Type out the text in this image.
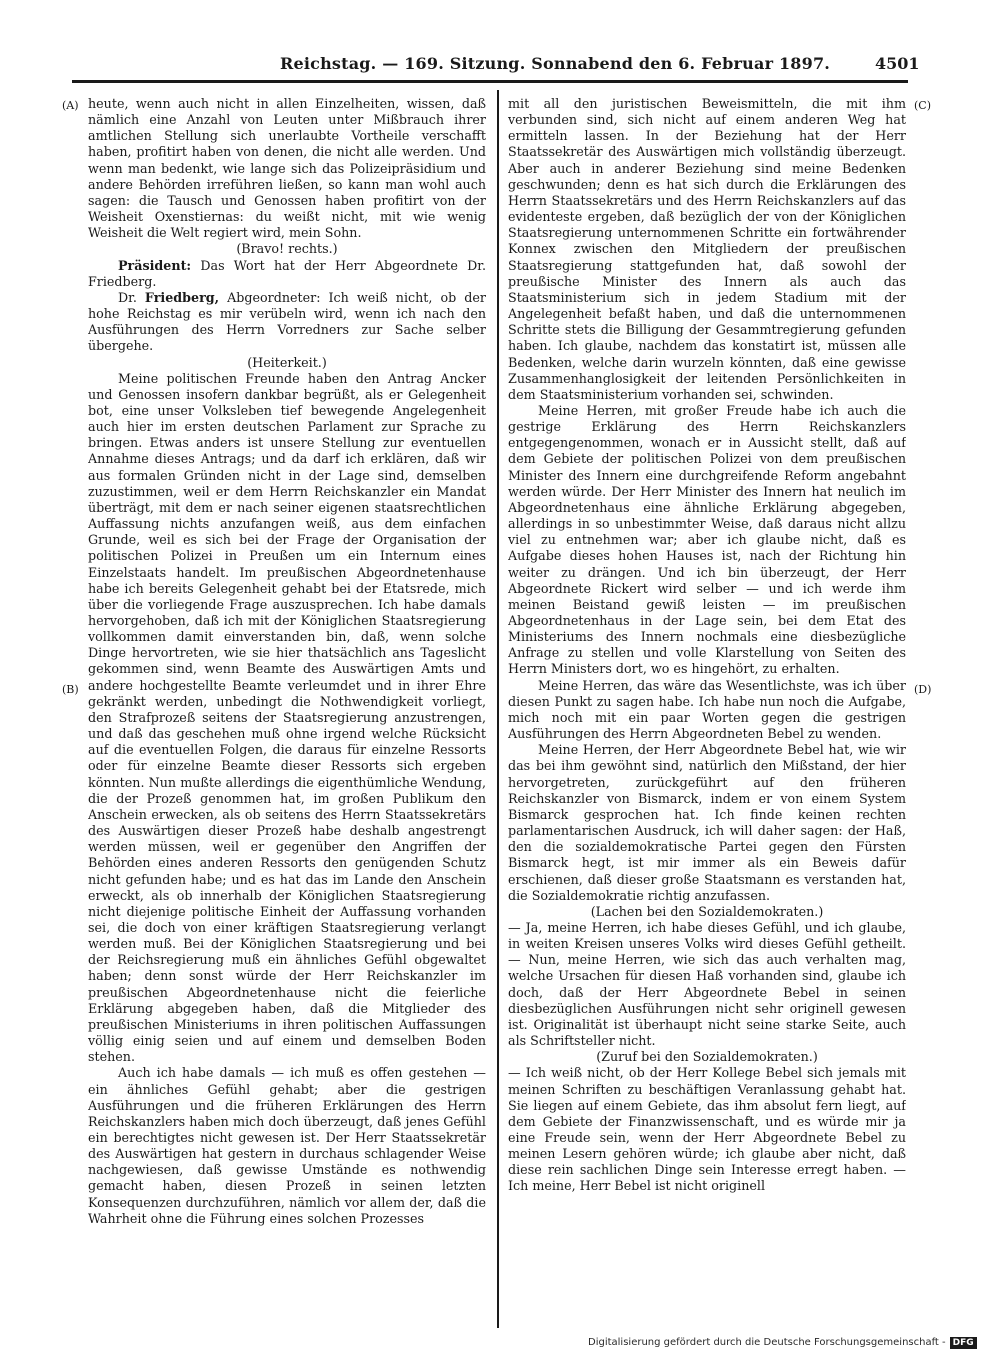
Reichstag. — 169. Sitzung. Sonnabend den 6. Februar 1897.	4501
(A)
(B)
(C)
(D)

heute, wenn auch nicht in allen Einzelheiten, wissen, daß nämlich eine Anzahl von Leuten unter Mißbrauch ihrer amtlichen Stellung sich unerlaubte Vortheile verschafft haben, profitirt haben von denen, die nicht alle werden. Und wenn man bedenkt, wie lange sich das Polizeipräsidium und andere Behörden irreführen ließen, so kann man wohl auch sagen: die Tausch und Genossen haben profitirt von der Weisheit Oxenstiernas: du weißt nicht, mit wie wenig Weisheit die Welt regiert wird, mein Sohn.

(Bravo! rechts.)

Präsident: Das Wort hat der Herr Abgeordnete Dr. Friedberg.

Dr. Friedberg, Abgeordneter: Ich weiß nicht, ob der hohe Reichstag es mir verübeln wird, wenn ich nach den Ausführungen des Herrn Vorredners zur Sache selber übergehe.

(Heiterkeit.)

Meine politischen Freunde haben den Antrag Ancker und Genossen insofern dankbar begrüßt, als er Gelegenheit bot, eine unser Volksleben tief bewegende Angelegenheit auch hier im ersten deutschen Parlament zur Sprache zu bringen. Etwas anders ist unsere Stellung zur eventuellen Annahme dieses Antrags; und da darf ich erklären, daß wir aus formalen Gründen nicht in der Lage sind, demselben zuzustimmen, weil er dem Herrn Reichskanzler ein Mandat überträgt, mit dem er nach seiner eigenen staatsrechtlichen Auffassung nichts anzufangen weiß, aus dem einfachen Grunde, weil es sich bei der Frage der Organisation der politischen Polizei in Preußen um ein Internum eines Einzelstaats handelt. Im preußischen Abgeordnetenhause habe ich bereits Gelegenheit gehabt bei der Etatsrede, mich über die vorliegende Frage auszusprechen. Ich habe damals hervorgehoben, daß ich mit der Königlichen Staatsregierung vollkommen damit einverstanden bin, daß, wenn solche Dinge hervortreten, wie sie hier thatsächlich ans Tageslicht gekommen sind, wenn Beamte des Auswärtigen Amts und andere hochgestellte Beamte verleumdet und in ihrer Ehre gekränkt werden, unbedingt die Nothwendigkeit vorliegt, den Strafprozeß seitens der Staatsregierung anzustrengen, und daß das geschehen muß ohne irgend welche Rücksicht auf die eventuellen Folgen, die daraus für einzelne Ressorts oder für einzelne Beamte dieser Ressorts sich ergeben könnten. Nun mußte allerdings die eigenthümliche Wendung, die der Prozeß genommen hat, im großen Publikum den Anschein erwecken, als ob seitens des Herrn Staatssekretärs des Auswärtigen dieser Prozeß habe deshalb angestrengt werden müssen, weil er gegenüber den Angriffen der Behörden eines anderen Ressorts den genügenden Schutz nicht gefunden habe; und es hat das im Lande den Anschein erweckt, als ob innerhalb der Königlichen Staatsregierung nicht diejenige politische Einheit der Auffassung vorhanden sei, die doch von einer kräftigen Staatsregierung verlangt werden muß. Bei der Königlichen Staatsregierung und bei der Reichsregierung muß ein ähnliches Gefühl obgewaltet haben; denn sonst würde der Herr Reichskanzler im preußischen Abgeordnetenhause nicht die feierliche Erklärung abgegeben haben, daß die Mitglieder des preußischen Ministeriums in ihren politischen Auffassungen völlig einig seien und auf einem und demselben Boden stehen.

Auch ich habe damals — ich muß es offen gestehen — ein ähnliches Gefühl gehabt; aber die gestrigen Ausführungen und die früheren Erklärungen des Herrn Reichskanzlers haben mich doch überzeugt, daß jenes Gefühl ein berechtigtes nicht gewesen ist. Der Herr Staatssekretär des Auswärtigen hat gestern in durchaus schlagender Weise nachgewiesen, daß gewisse Umstände es nothwendig gemacht haben, diesen Prozeß in seinen letzten Konsequenzen durchzuführen, nämlich vor allem der, daß die Wahrheit ohne die Führung eines solchen Prozesses

mit all den juristischen Beweismitteln, die mit ihm verbunden sind, sich nicht auf einem anderen Weg hat ermitteln lassen. In der Beziehung hat der Herr Staatssekretär des Auswärtigen mich vollständig überzeugt. Aber auch in anderer Beziehung sind meine Bedenken geschwunden; denn es hat sich durch die Erklärungen des Herrn Staatssekretärs und des Herrn Reichskanzlers auf das evidenteste ergeben, daß bezüglich der von der Königlichen Staatsregierung unternommenen Schritte ein fortwährender Konnex zwischen den Mitgliedern der preußischen Staatsregierung stattgefunden hat, daß sowohl der preußische Minister des Innern als auch das Staatsministerium sich in jedem Stadium mit der Angelegenheit befaßt haben, und daß die unternommenen Schritte stets die Billigung der Gesammtregierung gefunden haben. Ich glaube, nachdem das konstatirt ist, müssen alle Bedenken, welche darin wurzeln könnten, daß eine gewisse Zusammenhanglosigkeit der leitenden Persönlichkeiten in dem Staatsministerium vorhanden sei, schwinden.

Meine Herren, mit großer Freude habe ich auch die gestrige Erklärung des Herrn Reichskanzlers entgegengenommen, wonach er in Aussicht stellt, daß auf dem Gebiete der politischen Polizei von dem preußischen Minister des Innern eine durchgreifende Reform angebahnt werden würde. Der Herr Minister des Innern hat neulich im Abgeordnetenhaus eine ähnliche Erklärung abgegeben, allerdings in so unbestimmter Weise, daß daraus nicht allzu viel zu entnehmen war; aber ich glaube nicht, daß es Aufgabe dieses hohen Hauses ist, nach der Richtung hin weiter zu drängen. Und ich bin überzeugt, der Herr Abgeordnete Rickert wird selber — und ich werde ihm meinen Beistand gewiß leisten — im preußischen Abgeordnetenhaus in der Lage sein, bei dem Etat des Ministeriums des Innern nochmals eine diesbezügliche Anfrage zu stellen und volle Klarstellung von Seiten des Herrn Ministers dort, wo es hingehört, zu erhalten.

Meine Herren, das wäre das Wesentlichste, was ich über diesen Punkt zu sagen habe. Ich habe nun noch die Aufgabe, mich noch mit ein paar Worten gegen die gestrigen Ausführungen des Herrn Abgeordneten Bebel zu wenden.

Meine Herren, der Herr Abgeordnete Bebel hat, wie wir das bei ihm gewöhnt sind, natürlich den Mißstand, der hier hervorgetreten, zurückgeführt auf den früheren Reichskanzler von Bismarck, indem er von einem System Bismarck gesprochen hat. Ich finde keinen rechten parlamentarischen Ausdruck, ich will daher sagen: der Haß, den die sozialdemokratische Partei gegen den Fürsten Bismarck hegt, ist mir immer als ein Beweis dafür erschienen, daß dieser große Staatsmann es verstanden hat, die Sozialdemokratie richtig anzufassen.

(Lachen bei den Sozialdemokraten.)

— Ja, meine Herren, ich habe dieses Gefühl, und ich glaube, in weiten Kreisen unseres Volks wird dieses Gefühl getheilt. — Nun, meine Herren, wie sich das auch verhalten mag, welche Ursachen für diesen Haß vorhanden sind, glaube ich doch, daß der Herr Abgeordnete Bebel in seinen diesbezüglichen Ausführungen nicht sehr originell gewesen ist. Originalität ist überhaupt nicht seine starke Seite, auch als Schriftsteller nicht.

(Zuruf bei den Sozialdemokraten.)

— Ich weiß nicht, ob der Herr Kollege Bebel sich jemals mit meinen Schriften zu beschäftigen Veranlassung gehabt hat. Sie liegen auf einem Gebiete, das ihm absolut fern liegt, auf dem Gebiete der Finanzwissenschaft, und es würde mir ja eine Freude sein, wenn der Herr Abgeordnete Bebel zu meinen Lesern gehören würde; ich glaube aber nicht, daß diese rein sachlichen Dinge sein Interesse erregt haben. — Ich meine, Herr Bebel ist nicht originell

Digitalisierung gefördert durch die Deutsche Forschungsgemeinschaft - DFG
